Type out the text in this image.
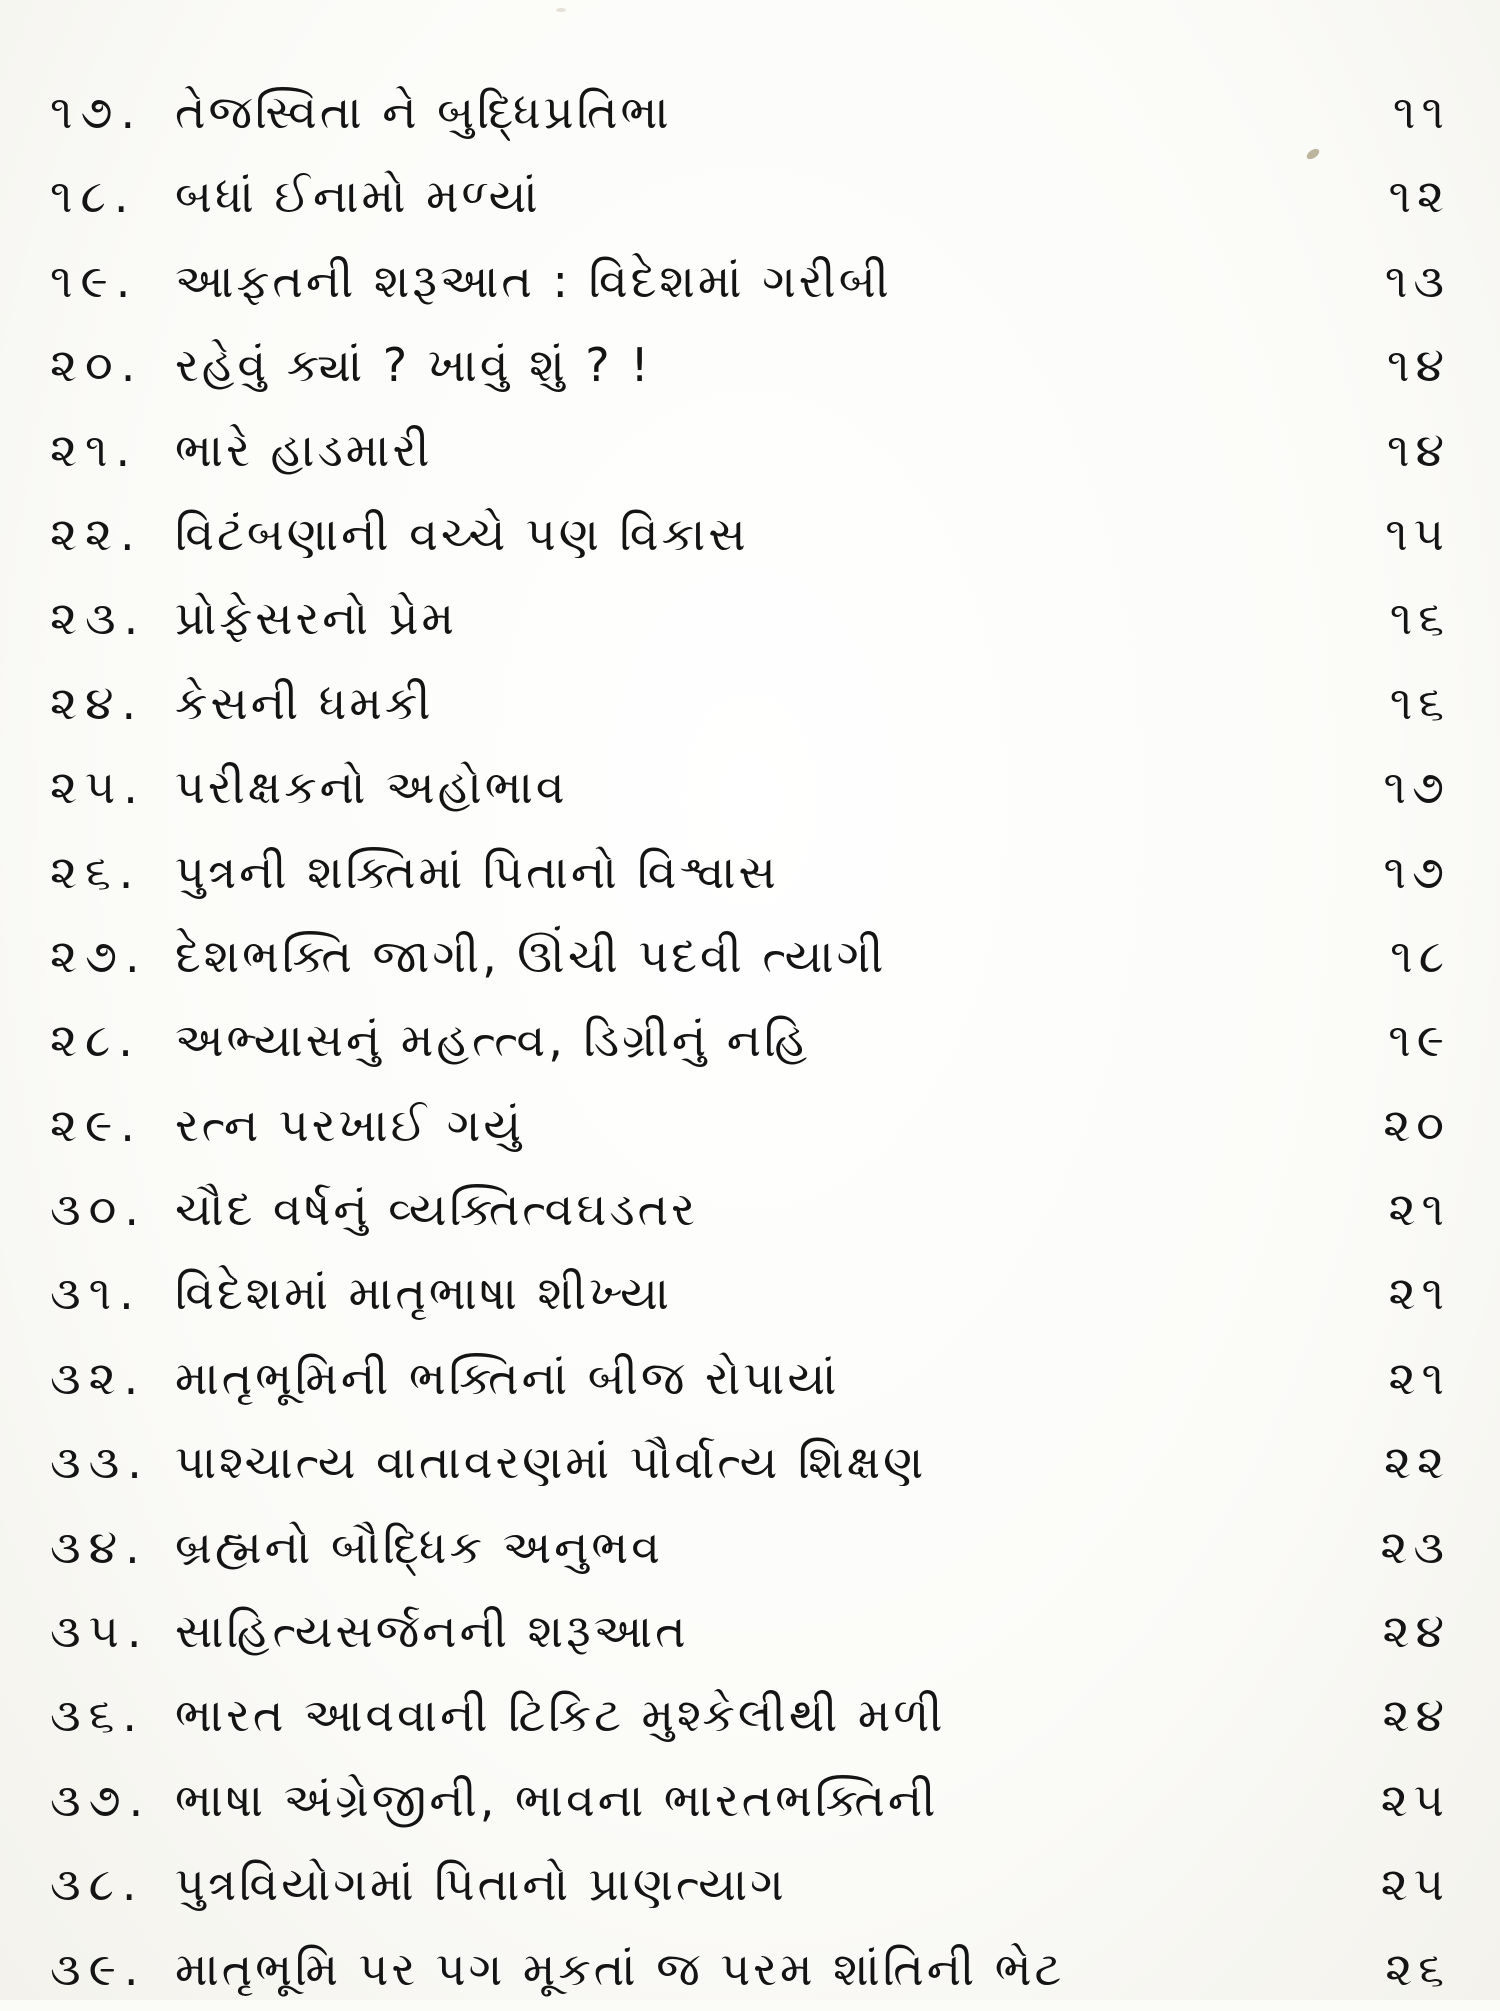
૧૭. તેજસ્વિતા ને બુદ્ધિપ્રતિભા	૧૧
૧૮. બધાં ઈનામો મળ્યાં	૧૨
૧૯. આફતની શરૂઆત : વિદેશમાં ગરીબી	૧૩
૨૦. રહેવું ક્યાં ? ખાવું શું ? !	૧૪
૨૧. ભારે હાડમારી	૧૪
૨૨. વિટંબણાની વચ્ચે પણ વિકાસ	૧૫
૨૩. પ્રોફેસરનો પ્રેમ	૧૬
૨૪. કેસની ધમકી	૧૬
૨૫. પરીક્ષકનો અહોભાવ	૧૭
૨૬. પુત્રની શક્તિમાં પિતાનો વિશ્વાસ	૧૭
૨૭. દેશભક્તિ જાગી, ઊંચી પદવી ત્યાગી	૧૮
૨૮. અભ્યાસનું મહત્ત્વ, ડિગ્રીનું નહિ	૧૯
૨૯. રત્ન પરખાઈ ગયું	૨૦
૩૦. ચૌદ વર્ષનું વ્યક્તિત્વઘડતર	૨૧
૩૧. વિદેશમાં માતૃભાષા શીખ્યા	૨૧
૩૨. માતૃભૂમિની ભક્તિનાં બીજ રોપાયાં	૨૧
૩૩. પાશ્ચાત્ય વાતાવરણમાં પૌર્વાત્ય શિક્ષણ	૨૨
૩૪. બ્રહ્મનો બૌદ્ધિક અનુભવ	૨૩
૩૫. સાહિત્યસર્જનની શરૂઆત	૨૪
૩૬. ભારત આવવાની ટિકિટ મુશ્કેલીથી મળી	૨૪
૩૭. ભાષા અંગ્રેજીની, ભાવના ભારતભક્તિની	૨૫
૩૮. પુત્રવિયોગમાં પિતાનો પ્રાણત્યાગ	૨૫
૩૯. માતૃભૂમિ પર પગ મૂકતાં જ પરમ શાંતિની ભેટ	૨૬
